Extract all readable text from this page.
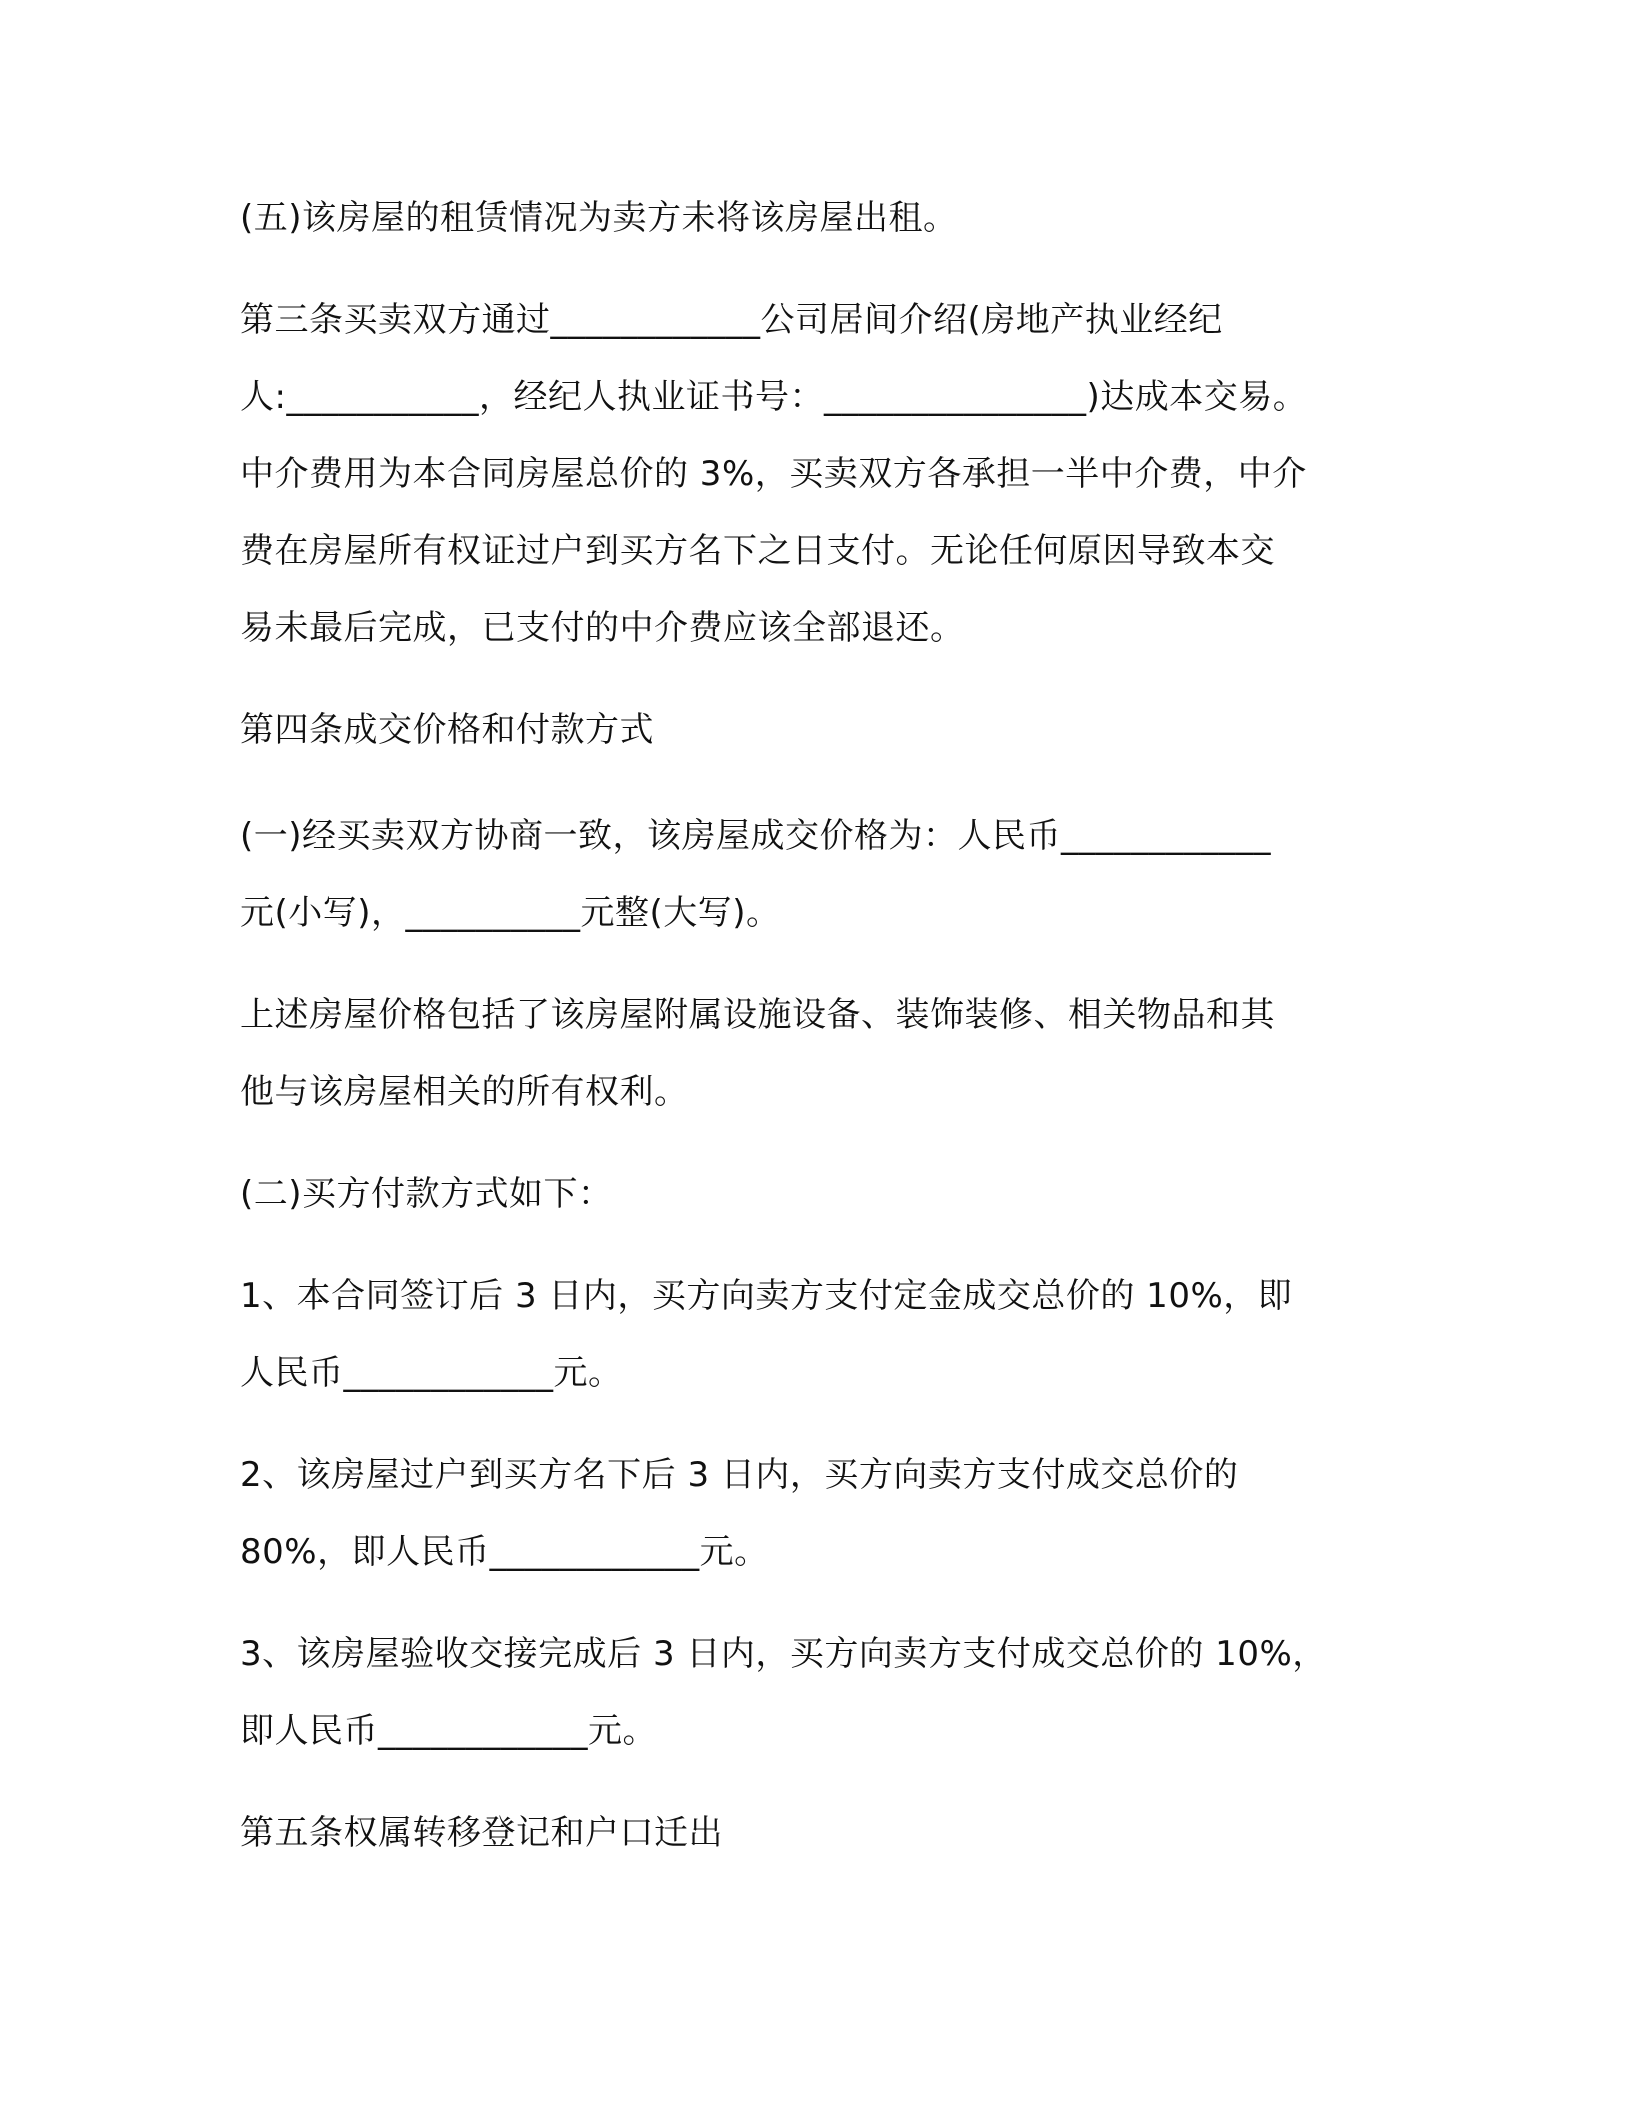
(五)该房屋的租赁情况为卖方未将该房屋出租。

第三条买卖双方通过____________公司居间介绍(房地产执业经纪

人:___________，经纪人执业证书号：_______________)达成本交易。

中介费用为本合同房屋总价的 3%，买卖双方各承担一半中介费，中介

费在房屋所有权证过户到买方名下之日支付。无论任何原因导致本交

易未最后完成，已支付的中介费应该全部退还。

第四条成交价格和付款方式

(一)经买卖双方协商一致，该房屋成交价格为：人民币____________

元(小写)，__________元整(大写)。

上述房屋价格包括了该房屋附属设施设备、装饰装修、相关物品和其

他与该房屋相关的所有权利。

(二)买方付款方式如下：

1、本合同签订后 3 日内，买方向卖方支付定金成交总价的 10%，即

人民币____________元。

2、该房屋过户到买方名下后 3 日内，买方向卖方支付成交总价的

80%，即人民币____________元。

3、该房屋验收交接完成后 3 日内，买方向卖方支付成交总价的 10%，

即人民币____________元。

第五条权属转移登记和户口迁出
